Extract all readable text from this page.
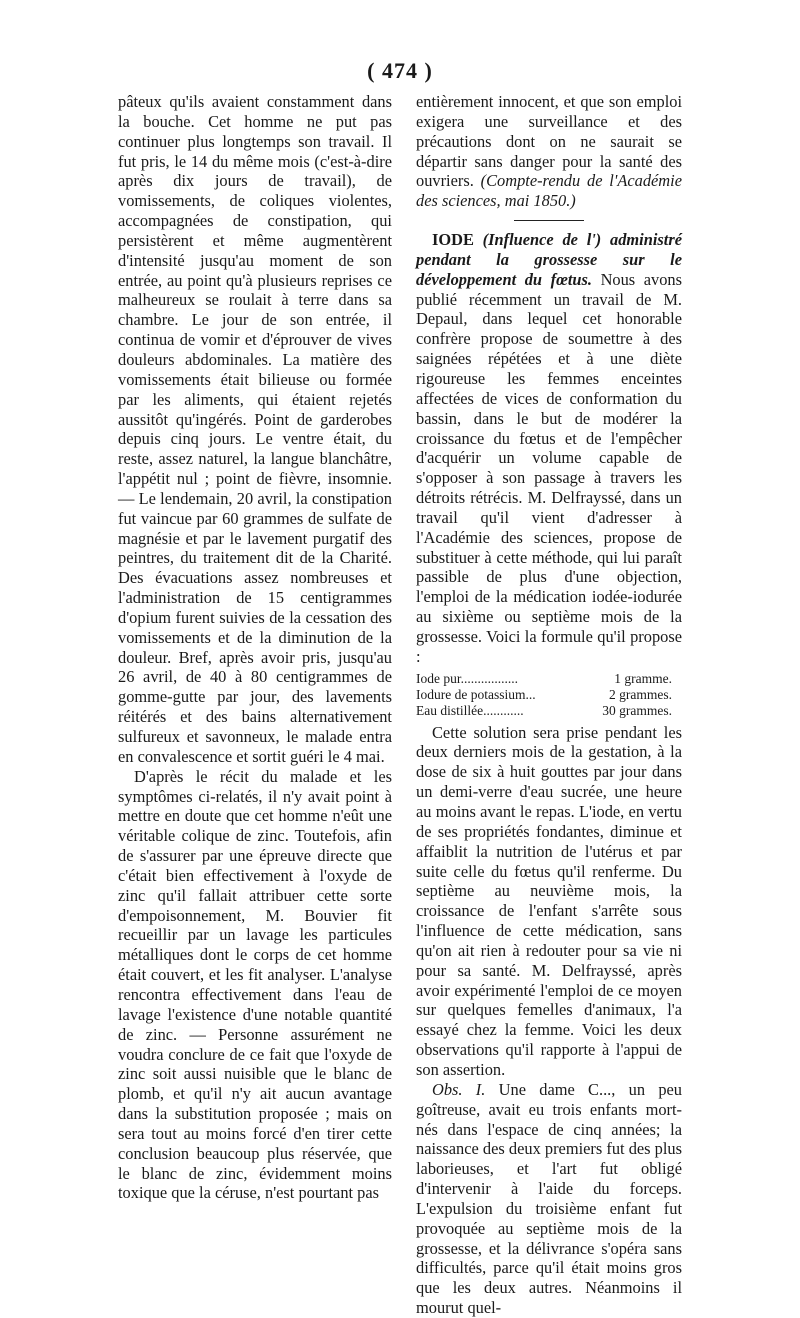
( 474 )

pâteux qu'ils avaient constamment dans la bouche. Cet homme ne put pas continuer plus longtemps son travail. Il fut pris, le 14 du même mois (c'est-à-dire après dix jours de travail), de vomissements, de coliques violentes, accompagnées de constipation, qui persistèrent et même augmentèrent d'intensité jusqu'au moment de son entrée, au point qu'à plusieurs reprises ce malheureux se roulait à terre dans sa chambre. Le jour de son entrée, il continua de vomir et d'éprouver de vives douleurs abdominales. La matière des vomissements était bilieuse ou formée par les aliments, qui étaient rejetés aussitôt qu'ingérés. Point de garderobes depuis cinq jours. Le ventre était, du reste, assez naturel, la langue blanchâtre, l'appétit nul ; point de fièvre, insomnie. — Le lendemain, 20 avril, la constipation fut vaincue par 60 grammes de sulfate de magnésie et par le lavement purgatif des peintres, du traitement dit de la Charité. Des évacuations assez nombreuses et l'administration de 15 centigrammes d'opium furent suivies de la cessation des vomissements et de la diminution de la douleur. Bref, après avoir pris, jusqu'au 26 avril, de 40 à 80 centigrammes de gomme-gutte par jour, des lavements réitérés et des bains alternativement sulfureux et savonneux, le malade entra en convalescence et sortit guéri le 4 mai.

D'après le récit du malade et les symptômes ci-relatés, il n'y avait point à mettre en doute que cet homme n'eût une véritable colique de zinc. Toutefois, afin de s'assurer par une épreuve directe que c'était bien effectivement à l'oxyde de zinc qu'il fallait attribuer cette sorte d'empoisonnement, M. Bouvier fit recueillir par un lavage les particules métalliques dont le corps de cet homme était couvert, et les fit analyser. L'analyse rencontra effectivement dans l'eau de lavage l'existence d'une notable quantité de zinc. — Personne assurément ne voudra conclure de ce fait que l'oxyde de zinc soit aussi nuisible que le blanc de plomb, et qu'il n'y ait aucun avantage dans la substitution proposée ; mais on sera tout au moins forcé d'en tirer cette conclusion beaucoup plus réservée, que le blanc de zinc, évidemment moins toxique que la céruse, n'est pourtant pas

entièrement innocent, et que son emploi exigera une surveillance et des précautions dont on ne saurait se départir sans danger pour la santé des ouvriers. (Compte-rendu de l'Académie des sciences, mai 1850.)

IODE (Influence de l') administré pendant la grossesse sur le développement du fœtus. Nous avons publié récemment un travail de M. Depaul, dans lequel cet honorable confrère propose de soumettre à des saignées répétées et à une diète rigoureuse les femmes enceintes affectées de vices de conformation du bassin, dans le but de modérer la croissance du fœtus et de l'empêcher d'acquérir un volume capable de s'opposer à son passage à travers les détroits rétrécis. M. Delfrayssé, dans un travail qu'il vient d'adresser à l'Académie des sciences, propose de substituer à cette méthode, qui lui paraît passible de plus d'une objection, l'emploi de la médication iodée-iodurée au sixième ou septième mois de la grossesse. Voici la formule qu'il propose :

Iode pur.................	1 gramme.
Iodure de potassium...	2 grammes.
Eau distillée............	30 grammes.

Cette solution sera prise pendant les deux derniers mois de la gestation, à la dose de six à huit gouttes par jour dans un demi-verre d'eau sucrée, une heure au moins avant le repas. L'iode, en vertu de ses propriétés fondantes, diminue et affaiblit la nutrition de l'utérus et par suite celle du fœtus qu'il renferme. Du septième au neuvième mois, la croissance de l'enfant s'arrête sous l'influence de cette médication, sans qu'on ait rien à redouter pour sa vie ni pour sa santé. M. Delfrayssé, après avoir expérimenté l'emploi de ce moyen sur quelques femelles d'animaux, l'a essayé chez la femme. Voici les deux observations qu'il rapporte à l'appui de son assertion.

Obs. I. Une dame C..., un peu goîtreuse, avait eu trois enfants mort-nés dans l'espace de cinq années; la naissance des deux premiers fut des plus laborieuses, et l'art fut obligé d'intervenir à l'aide du forceps. L'expulsion du troisième enfant fut provoquée au septième mois de la grossesse, et la délivrance s'opéra sans difficultés, parce qu'il était moins gros que les deux autres. Néanmoins il mourut quel-
